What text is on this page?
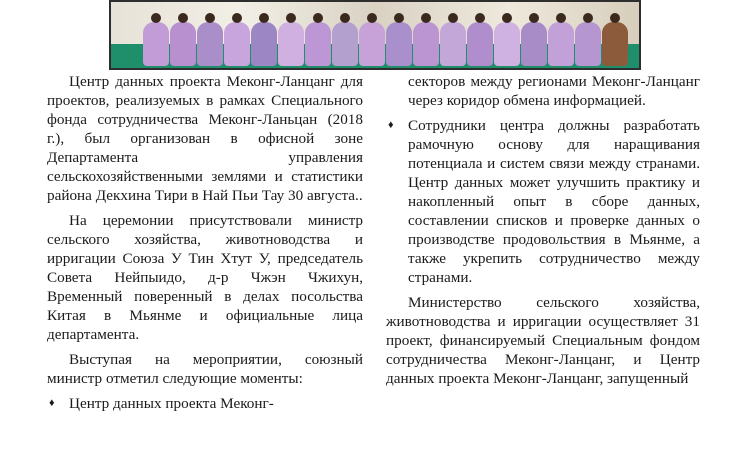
Центр данных проекта Меконг-Ланцанг для проектов, реализуемых в рамках Специального фонда сотрудничества Меконг-Ланьцан (2018 г.), был организован в офисной зоне Департамента управления сельскохозяйственными землями и статистики района Декхина Тири в Най Пьи Тау 30 августа..

На церемонии присутствовали министр сельского хозяйства, животноводства и ирригации Союза У Тин Хтут У, председатель Совета Нейпыидо, д-р Чжэн Чжихун, Временный поверенный в делах посольства Китая в Мьянме и официальные лица департамента.

Выступая на мероприятии, союзный министр отметил следующие моменты:

♦ Центр данных проекта Меконг-

секторов между регионами Меконг-Ланцанг через коридор обмена информацией.

♦ Сотрудники центра должны разработать рамочную основу для наращивания потенциала и систем связи между странами. Центр данных может улучшить практику и накопленный опыт в сборе данных, составлении списков и проверке данных о производстве продовольствия в Мьянме, а также укрепить сотрудничество между странами.

Министерство сельского хозяйства, животноводства и ирригации осуществляет 31 проект, финансируемый Специальным фондом сотрудничества Меконг-Ланцанг, и Центр данных проекта Меконг-Ланцанг, запущенный
